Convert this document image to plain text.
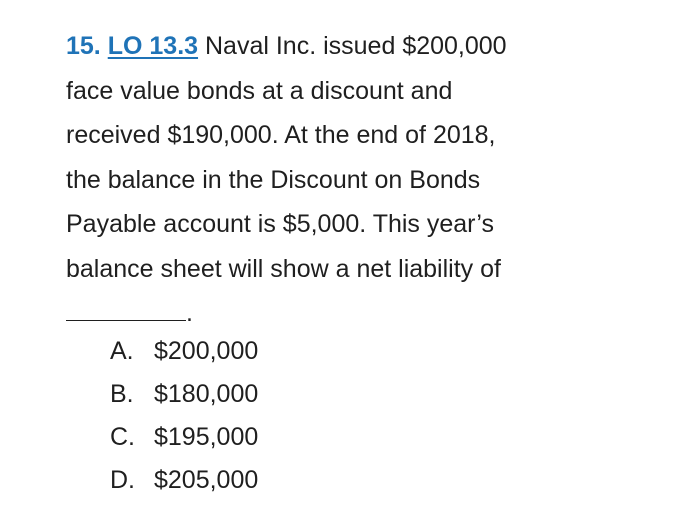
15. LO 13.3 Naval Inc. issued $200,000
face value bonds at a discount and
received $190,000. At the end of 2018,
the balance in the Discount on Bonds
Payable account is $5,000. This year’s
balance sheet will show a net liability of

.
A. $200,000
B. $180,000
C. $195,000
D. $205,000
